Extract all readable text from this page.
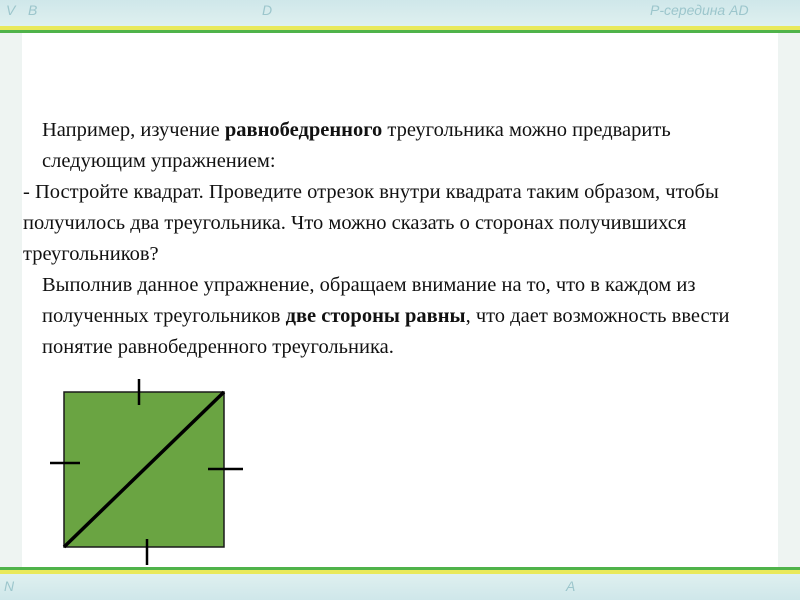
V B	D	Р-середина AD

Например, изучение равнобедренного треугольника можно предварить следующим упражнением:

- Постройте квадрат. Проведите отрезок внутри квадрата таким образом, чтобы получилось два треугольника. Что можно сказать о сторонах получившихся треугольников?

Выполнив данное упражнение, обращаем внимание на то, что в каждом из полученных треугольников две стороны равны, что дает возможность ввести понятие равнобедренного треугольника.

N	A
